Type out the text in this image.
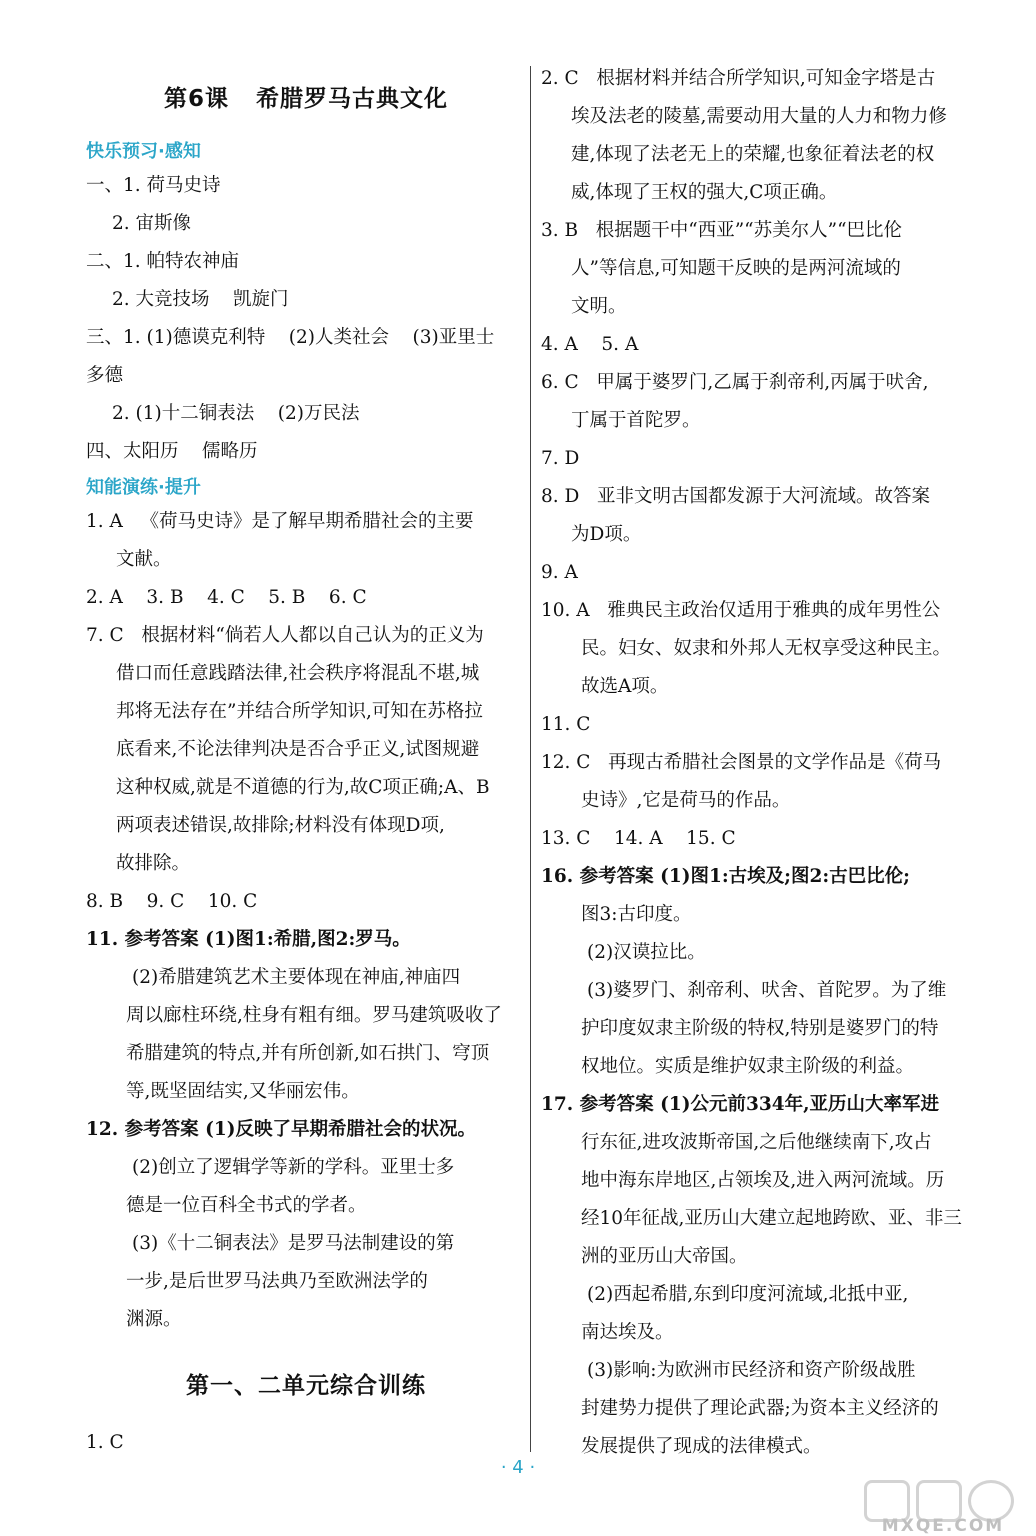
第6课   希腊罗马古典文化
快乐预习·感知
一、1. 荷马史诗
2. 宙斯像
二、1. 帕特农神庙
2. 大竞技场    凯旋门
三、1. (1)德谟克利特    (2)人类社会    (3)亚里士
多德
2. (1)十二铜表法    (2)万民法
四、太阳历    儒略历
知能演练·提升
1. A   《荷马史诗》是了解早期希腊社会的主要
文献。
2. A    3. B    4. C    5. B    6. C
7. C   根据材料“倘若人人都以自己认为的正义为
借口而任意践踏法律,社会秩序将混乱不堪,城
邦将无法存在”并结合所学知识,可知在苏格拉
底看来,不论法律判决是否合乎正义,试图规避
这种权威,就是不道德的行为,故C项正确;A、B
两项表述错误,故排除;材料没有体现D项,
故排除。
8. B    9. C    10. C
11. 参考答案 (1)图1:希腊,图2:罗马。
(2)希腊建筑艺术主要体现在神庙,神庙四
周以廊柱环绕,柱身有粗有细。罗马建筑吸收了
希腊建筑的特点,并有所创新,如石拱门、穹顶
等,既坚固结实,又华丽宏伟。
12. 参考答案 (1)反映了早期希腊社会的状况。
(2)创立了逻辑学等新的学科。亚里士多
德是一位百科全书式的学者。
(3)《十二铜表法》是罗马法制建设的第
一步,是后世罗马法典乃至欧洲法学的
渊源。
第一、二单元综合训练
1. C
2. C   根据材料并结合所学知识,可知金字塔是古
埃及法老的陵墓,需要动用大量的人力和物力修
建,体现了法老无上的荣耀,也象征着法老的权
威,体现了王权的强大,C项正确。
3. B   根据题干中“西亚”“苏美尔人”“巴比伦
人”等信息,可知题干反映的是两河流域的
文明。
4. A    5. A
6. C   甲属于婆罗门,乙属于刹帝利,丙属于吠舍,
丁属于首陀罗。
7. D
8. D   亚非文明古国都发源于大河流域。故答案
为D项。
9. A
10. A   雅典民主政治仅适用于雅典的成年男性公
民。妇女、奴隶和外邦人无权享受这种民主。
故选A项。
11. C
12. C   再现古希腊社会图景的文学作品是《荷马
史诗》,它是荷马的作品。
13. C    14. A    15. C
16. 参考答案 (1)图1:古埃及;图2:古巴比伦;
图3:古印度。
(2)汉谟拉比。
(3)婆罗门、刹帝利、吠舍、首陀罗。为了维
护印度奴隶主阶级的特权,特别是婆罗门的特
权地位。实质是维护奴隶主阶级的利益。
17. 参考答案 (1)公元前334年,亚历山大率军进
行东征,进攻波斯帝国,之后他继续南下,攻占
地中海东岸地区,占领埃及,进入两河流域。历
经10年征战,亚历山大建立起地跨欧、亚、非三
洲的亚历山大帝国。
(2)西起希腊,东到印度河流域,北抵中亚,
南达埃及。
(3)影响:为欧洲市民经济和资产阶级战胜
封建势力提供了理论武器;为资本主义经济的
发展提供了现成的法律模式。
· 4 ·
MXQE.COM
